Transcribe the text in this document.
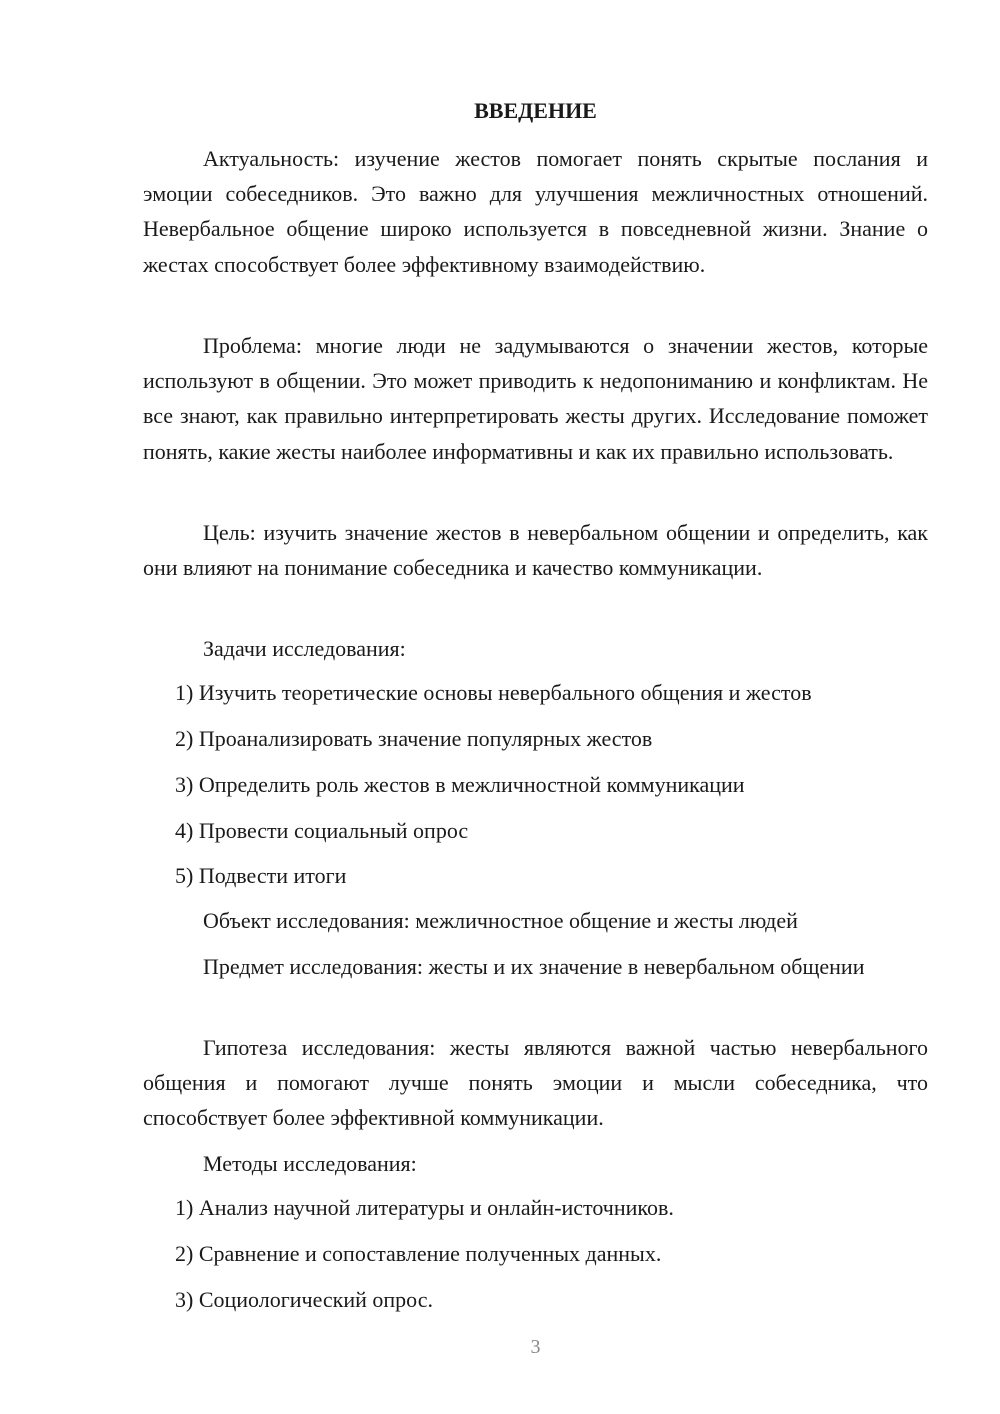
ВВЕДЕНИЕ

Актуальность: изучение жестов помогает понять скрытые послания и эмоции собеседников. Это важно для улучшения межличностных отношений. Невербальное общение широко используется в повседневной жизни. Знание о жестах способствует более эффективному взаимодействию.

Проблема: многие люди не задумываются о значении жестов, которые используют в общении. Это может приводить к недопониманию и конфликтам. Не все знают, как правильно интерпретировать жесты других. Исследование поможет понять, какие жесты наиболее информативны и как их правильно использовать.

Цель: изучить значение жестов в невербальном общении и определить, как они влияют на понимание собеседника и качество коммуникации.

Задачи исследования:

1) Изучить теоретические основы невербального общения и жестов

2) Проанализировать значение популярных жестов

3) Определить роль жестов в межличностной коммуникации

4) Провести социальный опрос

5) Подвести итоги

Объект исследования: межличностное общение и жесты людей

Предмет исследования: жесты и их значение в невербальном общении

Гипотеза исследования: жесты являются важной частью невербального общения и помогают лучше понять эмоции и мысли собеседника, что способствует более эффективной коммуникации.

Методы исследования:

1) Анализ научной литературы и онлайн-источников.

2) Сравнение и сопоставление полученных данных.

3) Социологический опрос.

3
